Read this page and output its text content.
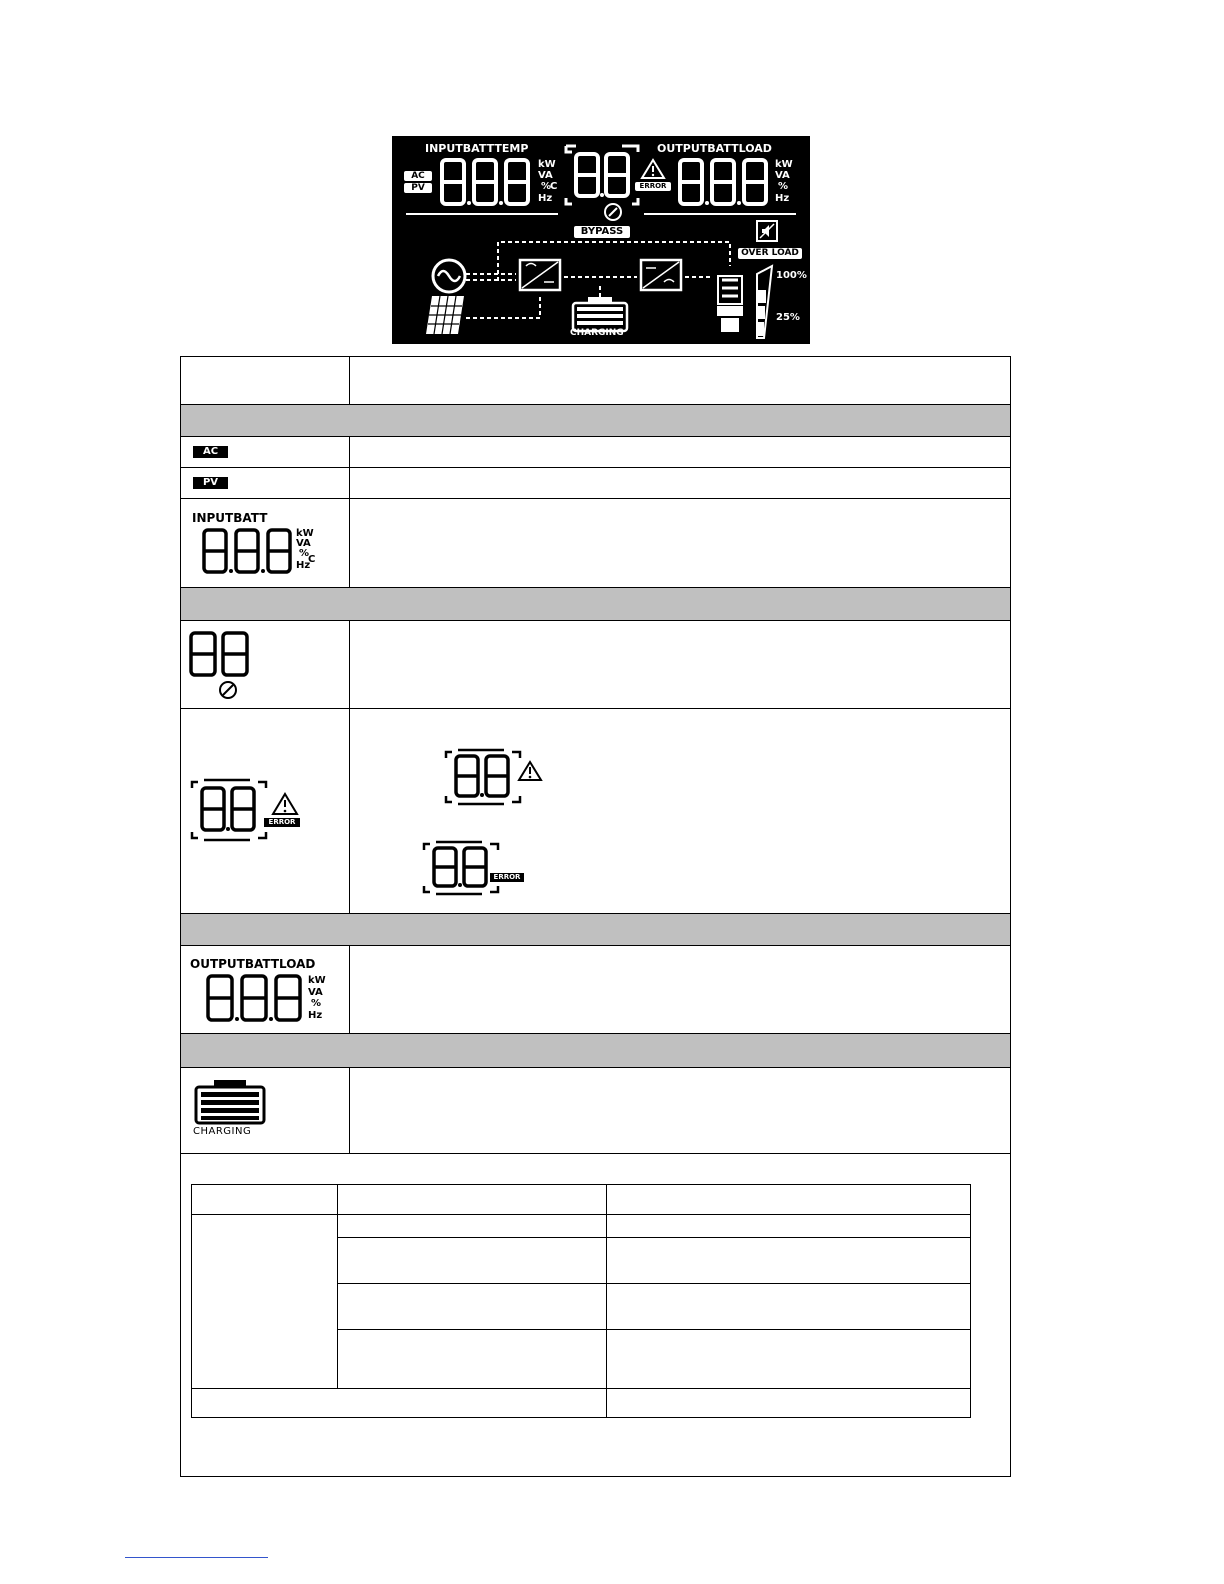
INPUTBATTTEMP	OUTPUTBATTLOAD
AC
PV
kW
VA
%
C
Hz
BYPASS
ERROR
kW
VA
%
Hz
OVER LOAD
CHARGING
100%
25%
AC
PV
INPUTBATT
kW
VA
%
C
Hz
ERROR
ERROR
OUTPUTBATTLOAD
kW
VA
%
Hz
CHARGING
